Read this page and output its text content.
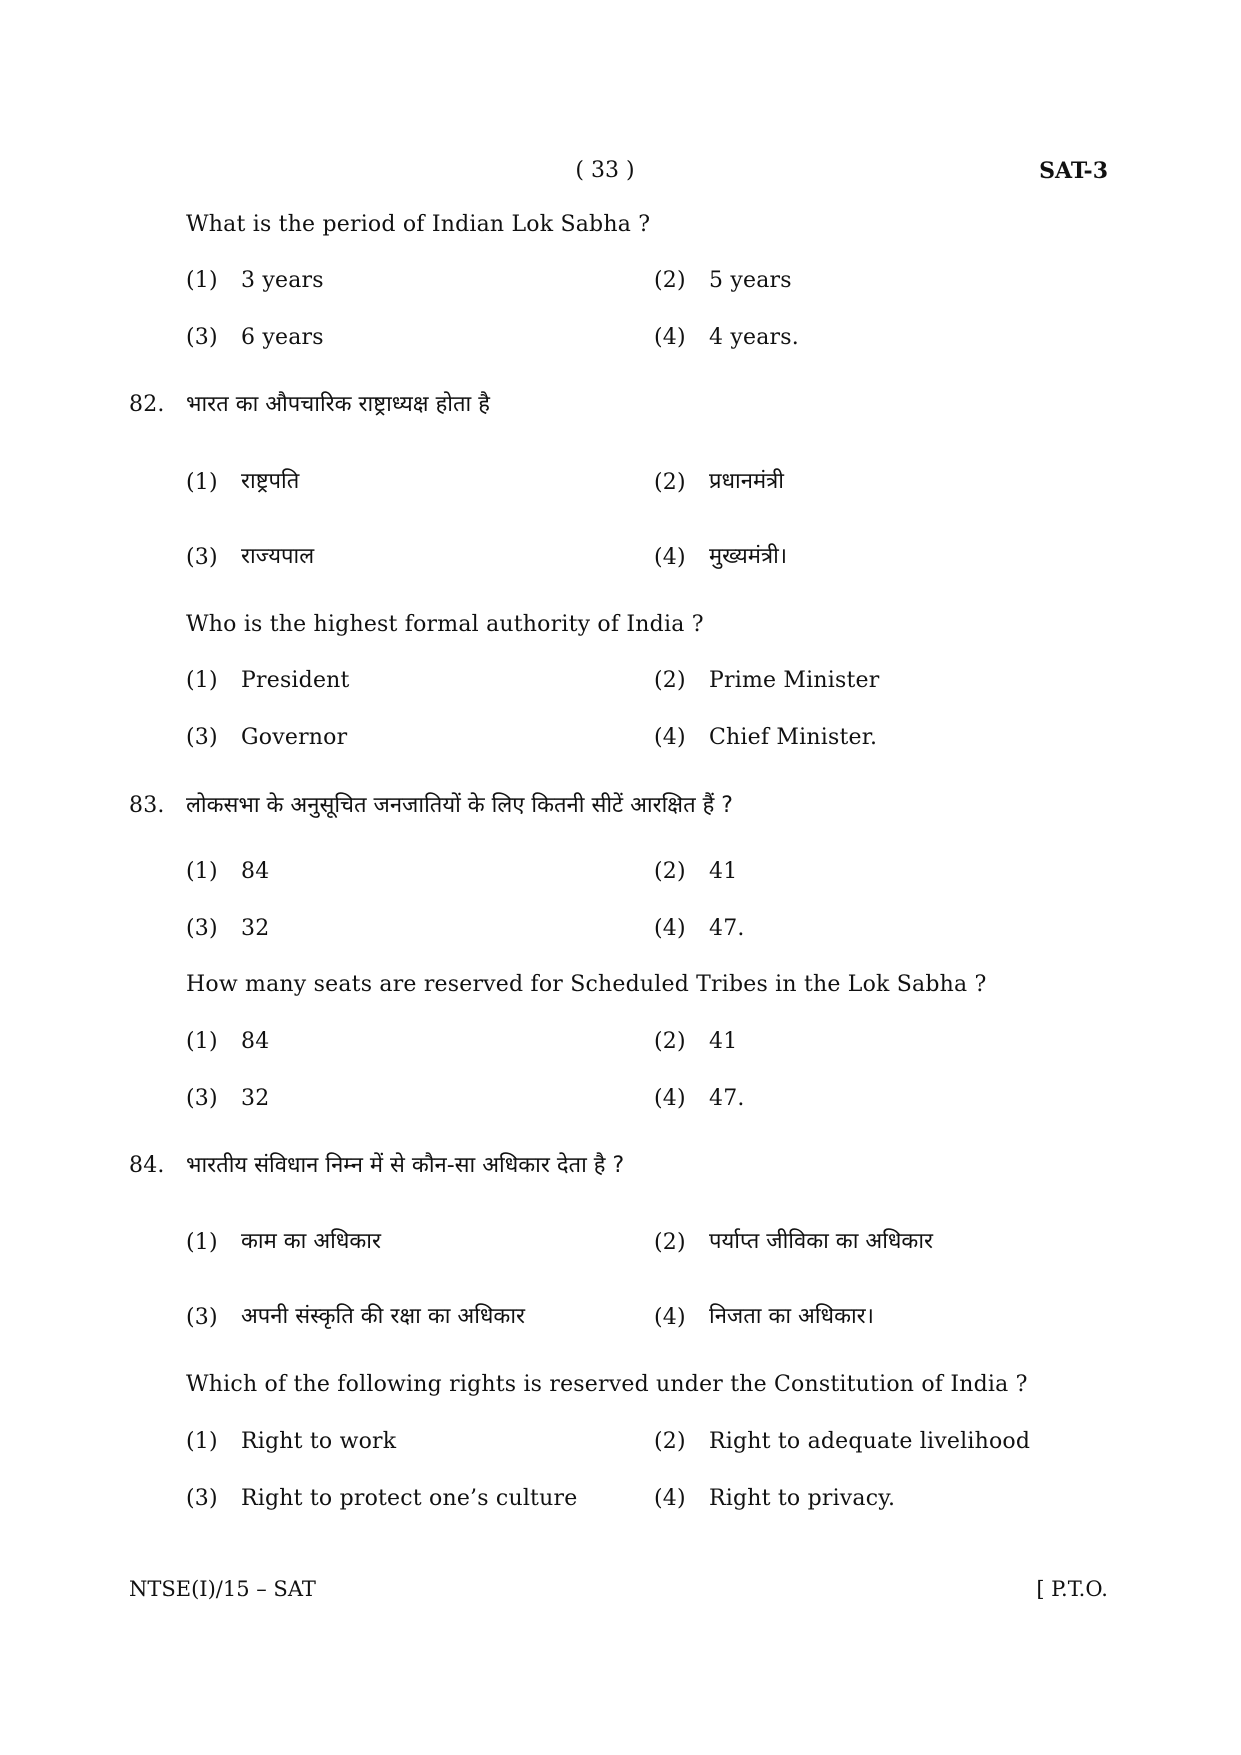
( 33 )	SAT-3
What is the period of Indian Lok Sabha ?
(1) 3 years	(2) 5 years
(3) 6 years	(4) 4 years.
82. भारत का औपचारिक राष्ट्राध्यक्ष होता है
(1) राष्ट्रपति	(2) प्रधानमंत्री
(3) राज्यपाल	(4) मुख्यमंत्री।
Who is the highest formal authority of India ?
(1) President	(2) Prime Minister
(3) Governor	(4) Chief Minister.
83. लोकसभा के अनुसूचित जनजातियों के लिए कितनी सीटें आरक्षित हैं ?
(1) 84	(2) 41
(3) 32	(4) 47.
How many seats are reserved for Scheduled Tribes in the Lok Sabha ?
(1) 84	(2) 41
(3) 32	(4) 47.
84. भारतीय संविधान निम्न में से कौन-सा अधिकार देता है ?
(1) काम का अधिकार	(2) पर्याप्त जीविका का अधिकार
(3) अपनी संस्कृति की रक्षा का अधिकार	(4) निजता का अधिकार।
Which of the following rights is reserved under the Constitution of India ?
(1) Right to work	(2) Right to adequate livelihood
(3) Right to protect one’s culture	(4) Right to privacy.
NTSE(I)/15 – SAT	[ P.T.O.
